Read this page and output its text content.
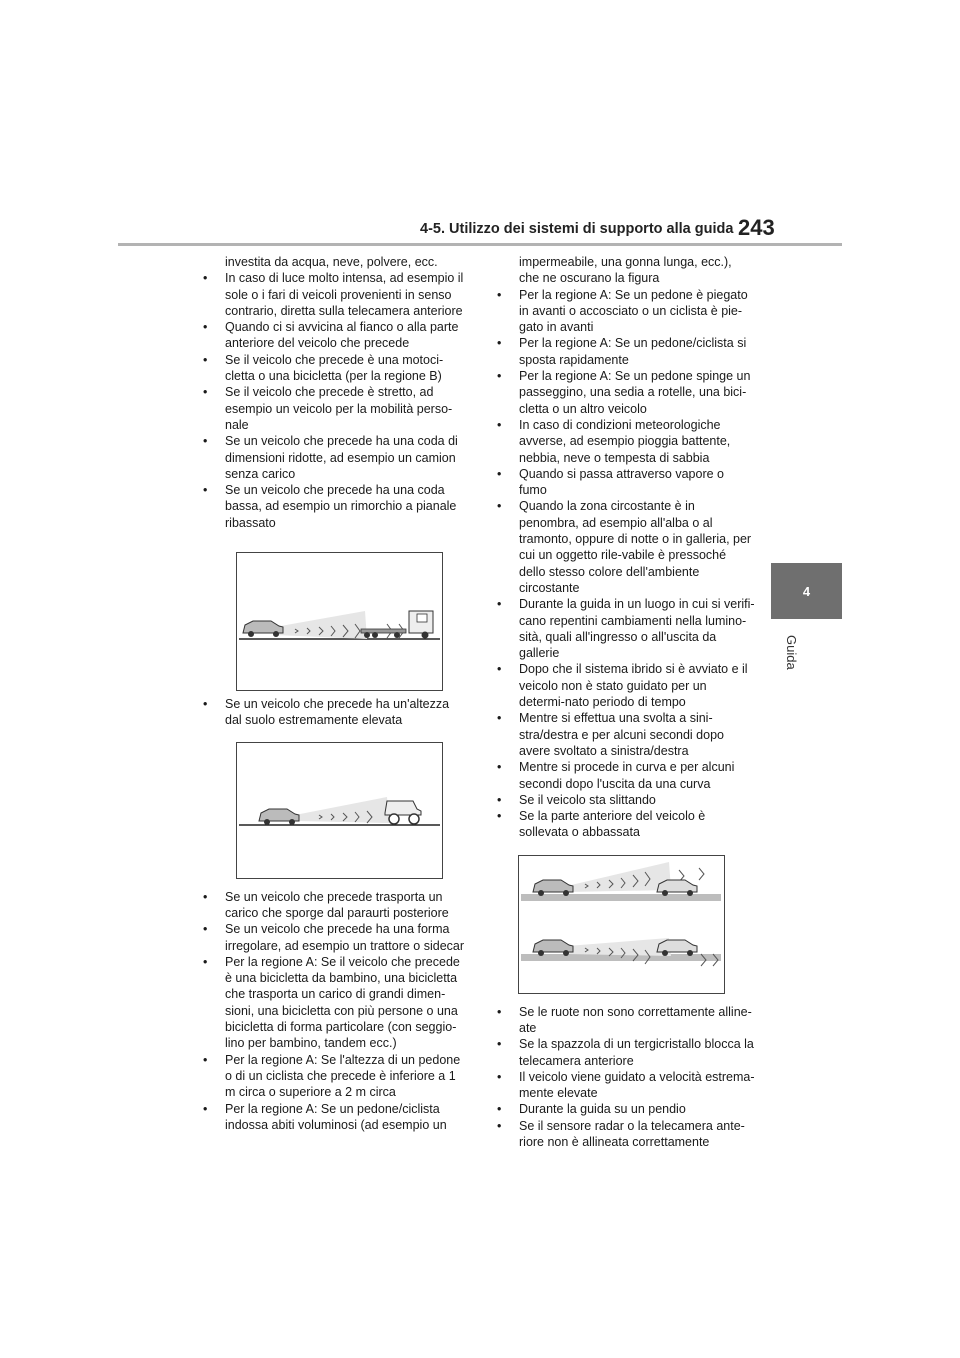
4-5. Utilizzo dei sistemi di supporto alla guida 243
4
Guida
investita da acqua, neve, polvere, ecc.
• In caso di luce molto intensa, ad esempio il sole o i fari di veicoli provenienti in senso contrario, diretta sulla telecamera anteriore
• Quando ci si avvicina al fianco o alla parte anteriore del veicolo che precede
• Se il veicolo che precede è una motoci-cletta o una bicicletta (per la regione B)
• Se il veicolo che precede è stretto, ad esempio un veicolo per la mobilità perso-nale
• Se un veicolo che precede ha una coda di dimensioni ridotte, ad esempio un camion senza carico
• Se un veicolo che precede ha una coda bassa, ad esempio un rimorchio a pianale ribassato
• Se un veicolo che precede ha un'altezza dal suolo estremamente elevata
• Se un veicolo che precede trasporta un carico che sporge dal paraurti posteriore
• Se un veicolo che precede ha una forma irregolare, ad esempio un trattore o sidecar
• Per la regione A: Se il veicolo che precede è una bicicletta da bambino, una bicicletta che trasporta un carico di grandi dimen-sioni, una bicicletta con più persone o una bicicletta di forma particolare (con seggio-lino per bambino, tandem ecc.)
• Per la regione A: Se l'altezza di un pedone o di un ciclista che precede è inferiore a 1 m circa o superiore a 2 m circa
• Per la regione A: Se un pedone/ciclista indossa abiti voluminosi (ad esempio un
impermeabile, una gonna lunga, ecc.), che ne oscurano la figura
• Per la regione A: Se un pedone è piegato in avanti o accosciato o un ciclista è pie-gato in avanti
• Per la regione A: Se un pedone/ciclista si sposta rapidamente
• Per la regione A: Se un pedone spinge un passeggino, una sedia a rotelle, una bici-cletta o un altro veicolo
• In caso di condizioni meteorologiche avverse, ad esempio pioggia battente, nebbia, neve o tempesta di sabbia
• Quando si passa attraverso vapore o fumo
• Quando la zona circostante è in penombra, ad esempio all'alba o al tramonto, oppure di notte o in galleria, per cui un oggetto rile-vabile è pressoché dello stesso colore dell'ambiente circostante
• Durante la guida in un luogo in cui si verifi-cano repentini cambiamenti nella lumino-sità, quali all'ingresso o all'uscita da gallerie
• Dopo che il sistema ibrido si è avviato e il veicolo non è stato guidato per un determi-nato periodo di tempo
• Mentre si effettua una svolta a sini-stra/destra e per alcuni secondi dopo avere svoltato a sinistra/destra
• Mentre si procede in curva e per alcuni secondi dopo l'uscita da una curva
• Se il veicolo sta slittando
• Se la parte anteriore del veicolo è sollevata o abbassata
• Se le ruote non sono correttamente alline-ate
• Se la spazzola di un tergicristallo blocca la telecamera anteriore
• Il veicolo viene guidato a velocità estrema-mente elevate
• Durante la guida su un pendio
• Se il sensore radar o la telecamera ante-riore non è allineata correttamente
